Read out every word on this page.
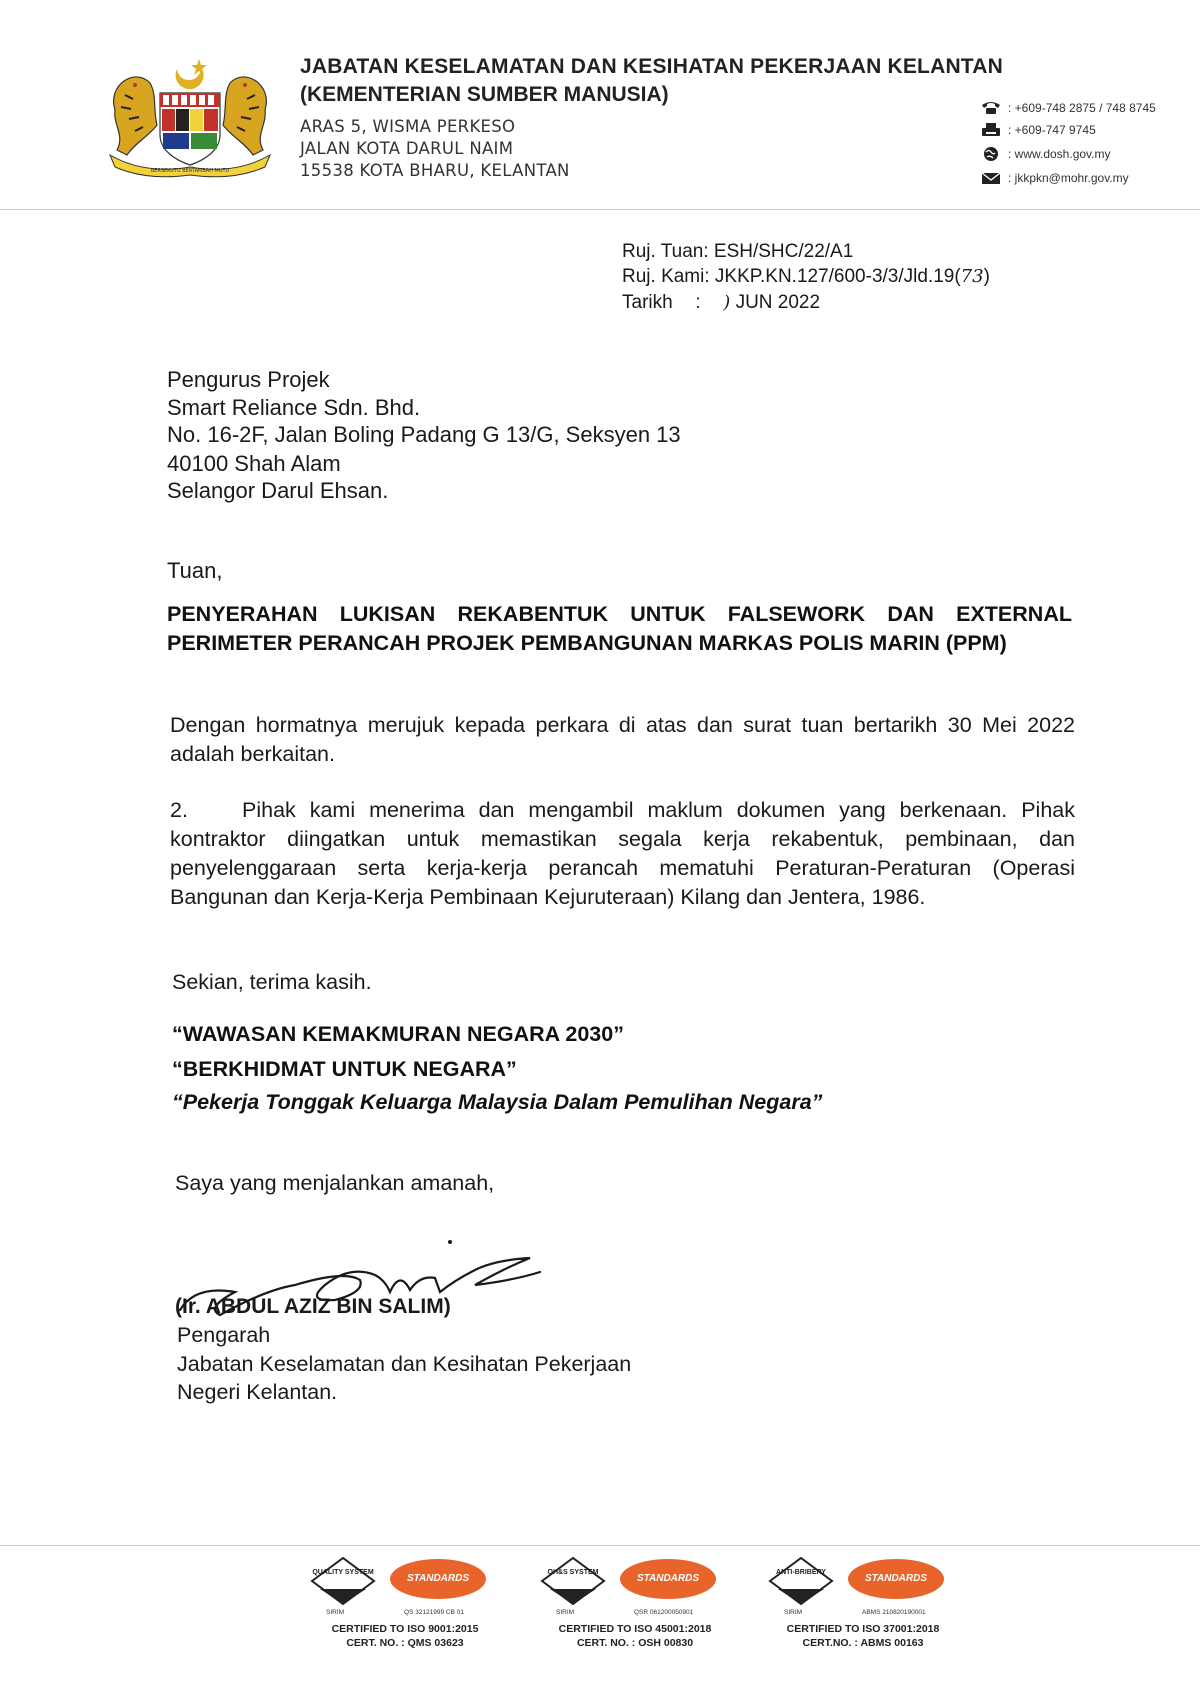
BERSEKUTU BERTAMBAH MUTU
JABATAN KESELAMATAN DAN KESIHATAN PEKERJAAN KELANTAN
(KEMENTERIAN SUMBER MANUSIA)
ARAS 5, WISMA PERKESO
JALAN KOTA DARUL NAIM
15538 KOTA BHARU, KELANTAN
: +609-748 2875 / 748 8745
: +609-747 9745
: www.dosh.gov.my
: jkkpkn@mohr.gov.my
Ruj. Tuan: ESH/SHC/22/A1
Ruj. Kami: JKKP.KN.127/600-3/3/Jld.19(73)
Tarikh : ) JUN 2022
Pengurus Projek
Smart Reliance Sdn. Bhd.
No. 16-2F, Jalan Boling Padang G 13/G, Seksyen 13
40100 Shah Alam
Selangor Darul Ehsan.
Tuan,
PENYERAHAN LUKISAN REKABENTUK UNTUK FALSEWORK DAN EXTERNAL PERIMETER PERANCAH PROJEK PEMBANGUNAN MARKAS POLIS MARIN (PPM)
Dengan hormatnya merujuk kepada perkara di atas dan surat tuan bertarikh 30 Mei 2022 adalah berkaitan.
2.	Pihak kami menerima dan mengambil maklum dokumen yang berkenaan. Pihak kontraktor diingatkan untuk memastikan segala kerja rekabentuk, pembinaan, dan penyelenggaraan serta kerja-kerja perancah mematuhi Peraturan-Peraturan (Operasi Bangunan dan Kerja-Kerja Pembinaan Kejuruteraan) Kilang dan Jentera, 1986.
Sekian, terima kasih.
“WAWASAN KEMAKMURAN NEGARA 2030”
“BERKHIDMAT UNTUK NEGARA”
“Pekerja Tonggak Keluarga Malaysia Dalam Pemulihan Negara”
Saya yang menjalankan amanah,
(Ir. ABDUL AZIZ BIN SALIM)
Pengarah
Jabatan Keselamatan dan Kesihatan Pekerjaan
Negeri Kelantan.
QUALITY SYSTEM
STANDARDS
SIRIM	QS 32121999 CB 01
CERTIFIED TO ISO 9001:2015
CERT. NO. : QMS 03623
OH&S SYSTEM
STANDARDS
SIRIM	QSR 061200050901
CERTIFIED TO ISO 45001:2018
CERT. NO. : OSH 00830
ANTI-BRIBERY
STANDARDS
SIRIM	ABMS 210820190001
CERTIFIED TO ISO 37001:2018
CERT.NO. : ABMS 00163
